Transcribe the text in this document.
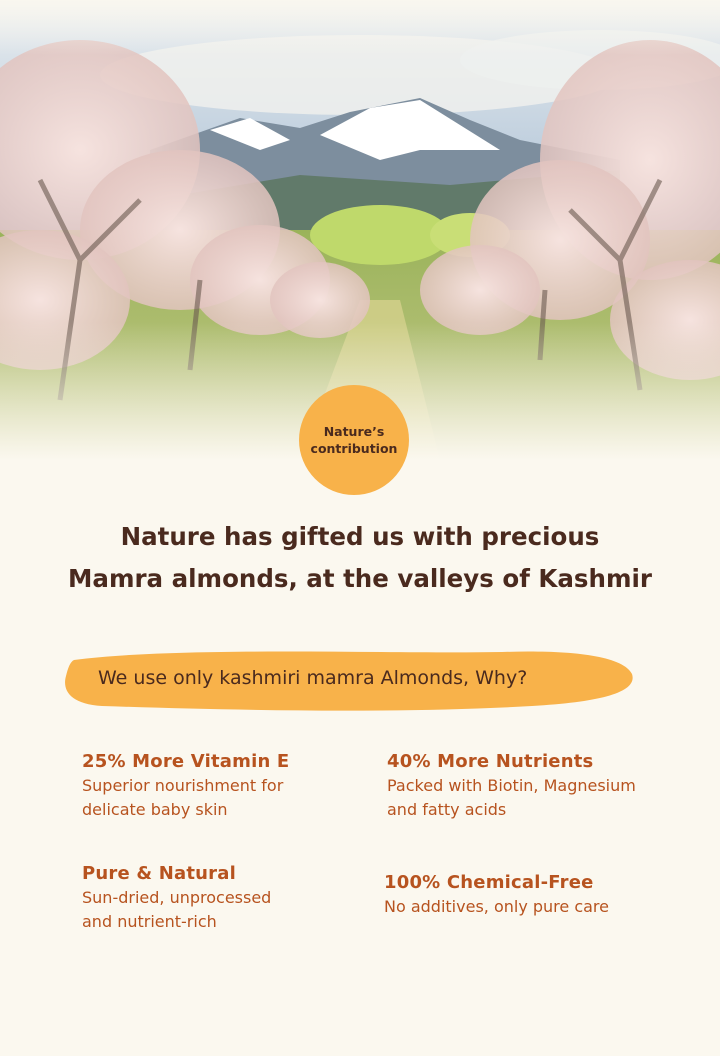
Nature’s
contribution
Nature has gifted us with precious
Mamra almonds, at the valleys of Kashmir
We use only kashmiri mamra Almonds, Why?
25% More Vitamin E

Superior nourishment for

delicate baby skin

40% More Nutrients

Packed with Biotin, Magnesium

and fatty acids

Pure & Natural

Sun-dried, unprocessed

and nutrient-rich

100% Chemical-Free

No additives, only pure care
